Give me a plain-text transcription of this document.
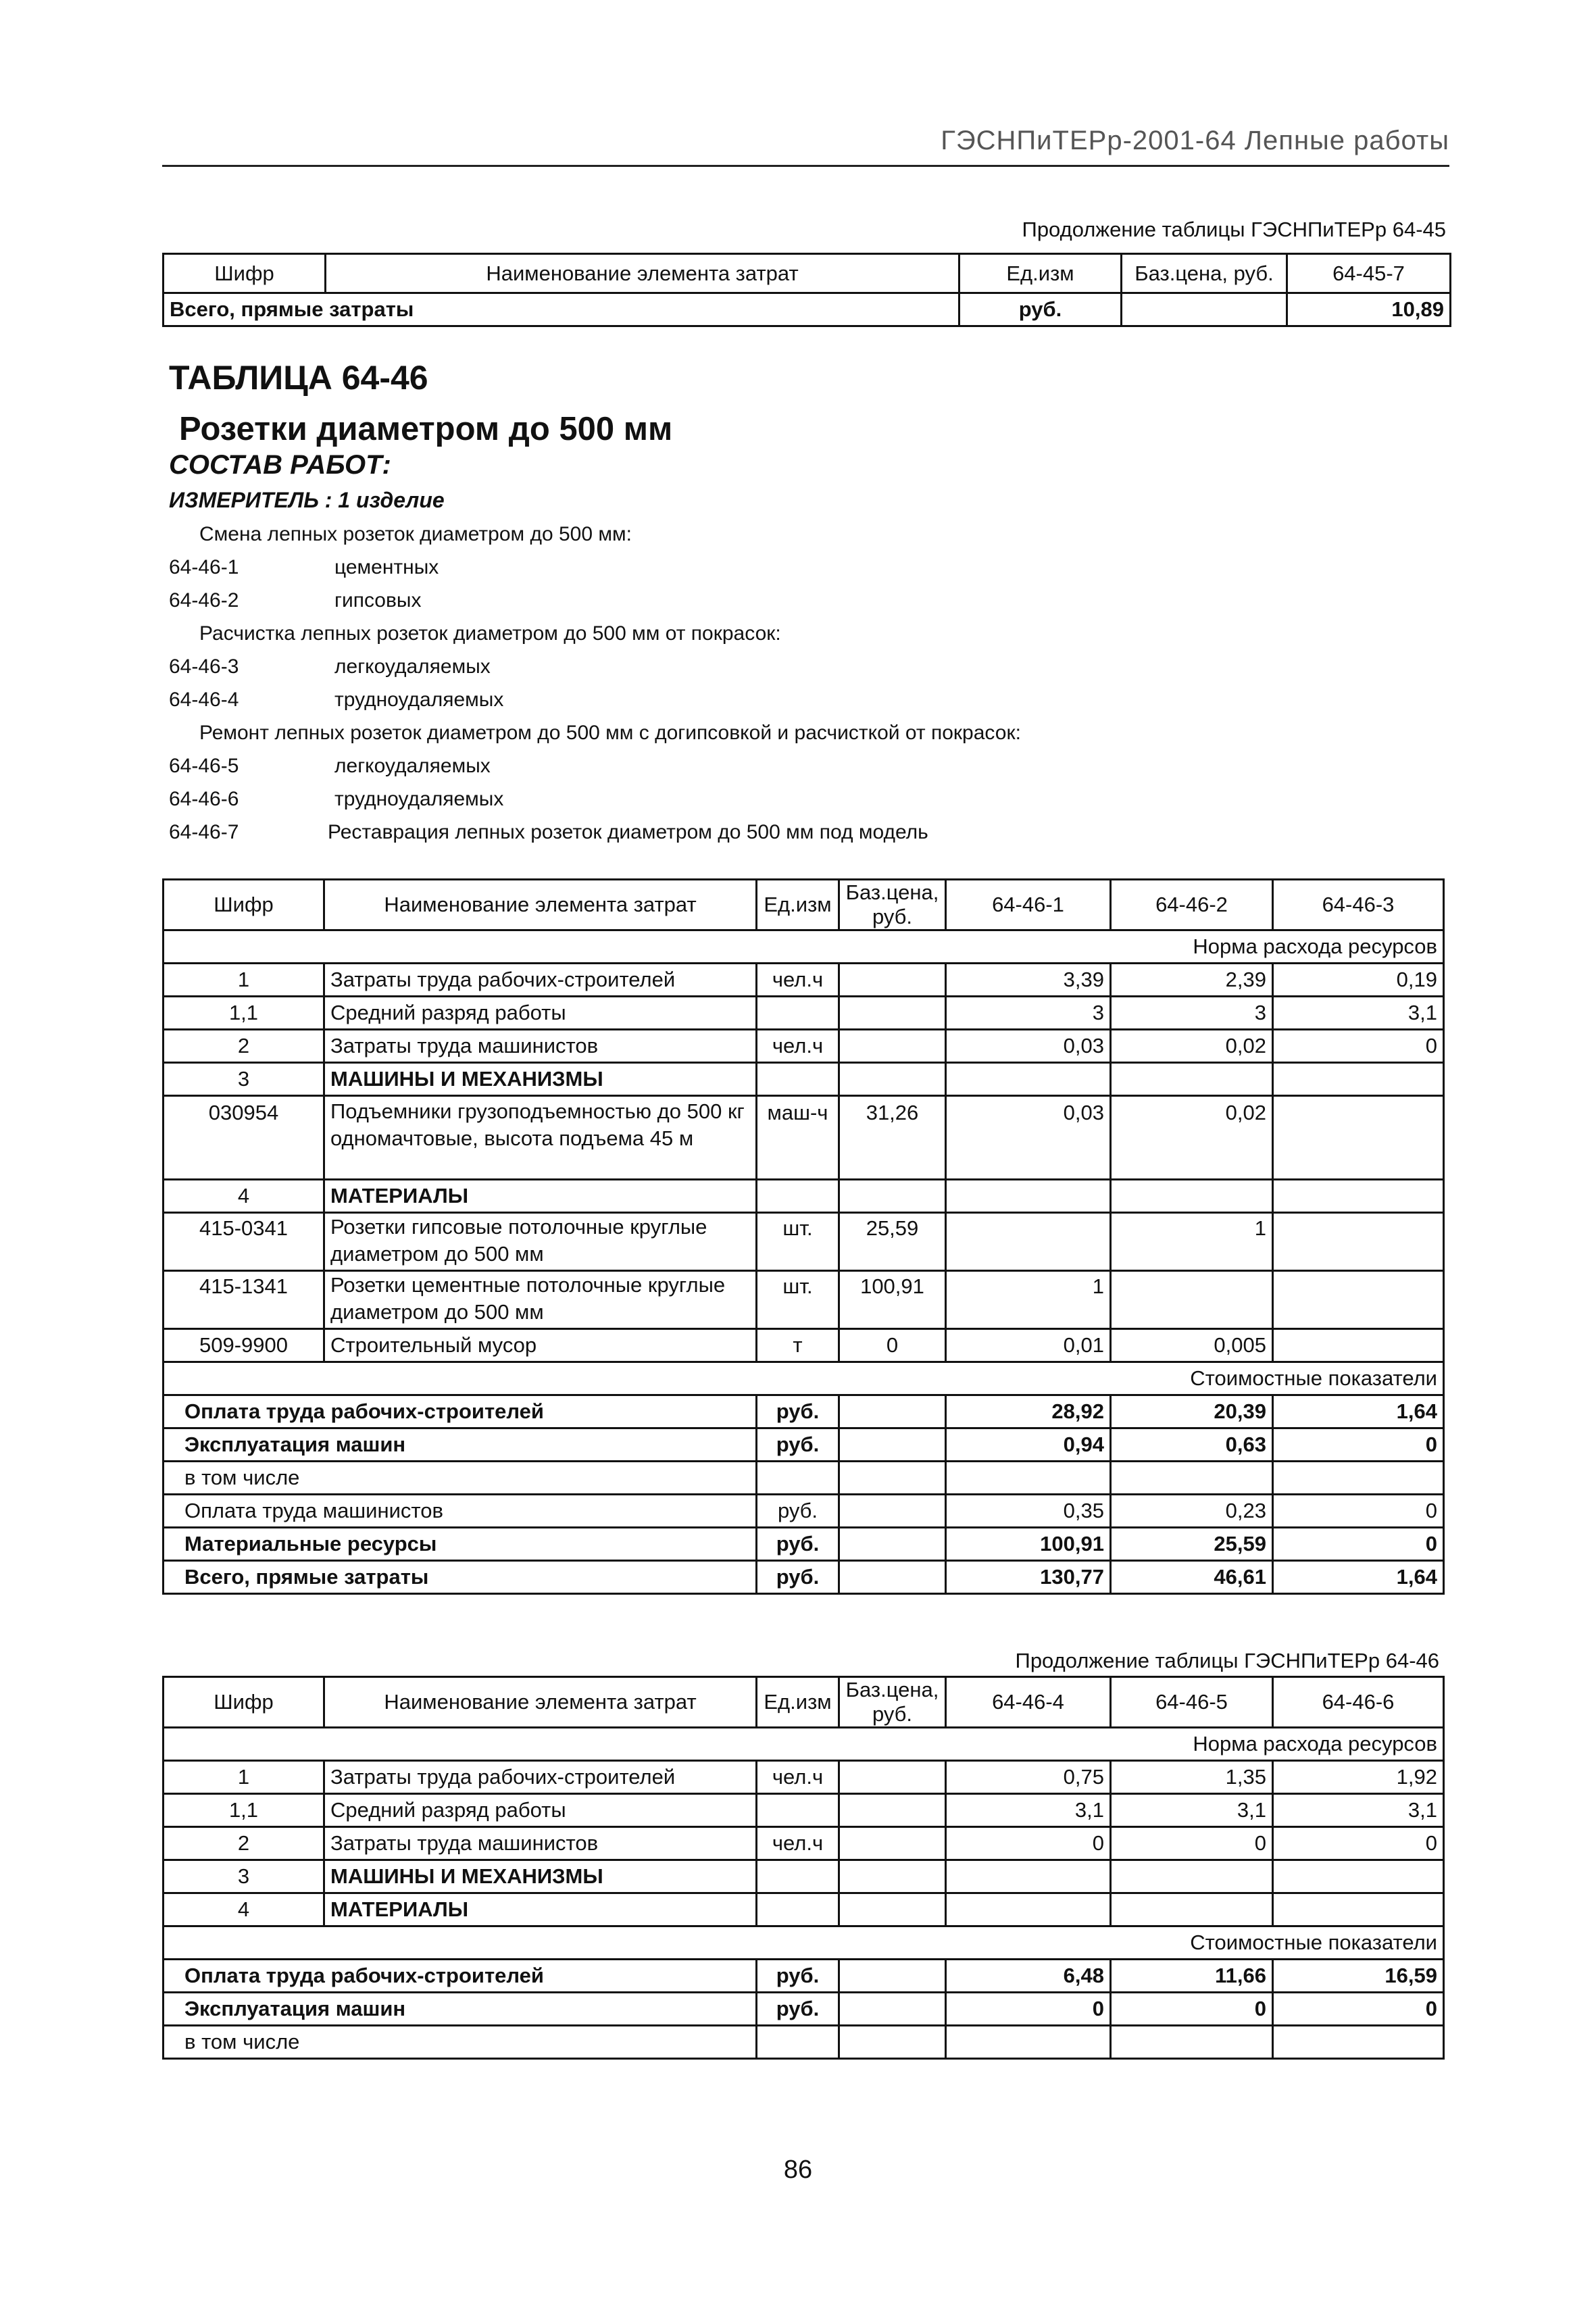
ГЭСНПиТЕРр-2001-64 Лепные работы
Продолжение таблицы ГЭСНПиТЕРр 64-45
Шифр	Наименование элемента затрат	Ед.изм	Баз.цена, руб.	64-45-7
Всего, прямые затраты		руб.		10,89
ТАБЛИЦА 64-46
Розетки диаметром до 500 мм
СОСТАВ РАБОТ:
ИЗМЕРИТЕЛЬ : 1 изделие
Смена лепных розеток диаметром до 500 мм:
64-46-1	цементных
64-46-2	гипсовых
Расчистка лепных розеток диаметром до 500 мм от покрасок:
64-46-3	легкоудаляемых
64-46-4	трудноудаляемых
Ремонт лепных розеток диаметром до 500 мм с догипсовкой и расчисткой от покрасок:
64-46-5	легкоудаляемых
64-46-6	трудноудаляемых
64-46-7	Реставрация лепных розеток диаметром до 500 мм под модель
Шифр	Наименование элемента затрат	Ед.изм	Баз.цена, руб.	64-46-1	64-46-2	64-46-3
Норма расхода ресурсов						
1	Затраты труда рабочих-строителей	чел.ч		3,39	2,39	0,19
1,1	Средний разряд работы			3	3	3,1
2	Затраты труда машинистов	чел.ч		0,03	0,02	0
3	МАШИНЫ И МЕХАНИЗМЫ					
030954	Подъемники грузоподъемностью до 500 кг одномачтовые, высота подъема 45 м	маш-ч	31,26	0,03	0,02	
4	МАТЕРИАЛЫ					
415-0341	Розетки гипсовые потолочные круглые диаметром до 500 мм	шт.	25,59		1	
415-1341	Розетки цементные потолочные круглые диаметром до 500 мм	шт.	100,91	1		
509-9900	Строительный мусор	т	0	0,01	0,005	
Стоимостные показатели						
Оплата труда рабочих-строителей		руб.		28,92	20,39	1,64
Эксплуатация машин		руб.		0,94	0,63	0
в том числе						
Оплата труда машинистов		руб.		0,35	0,23	0
Материальные ресурсы		руб.		100,91	25,59	0
Всего, прямые затраты		руб.		130,77	46,61	1,64
Продолжение таблицы ГЭСНПиТЕРр 64-46
Шифр	Наименование элемента затрат	Ед.изм	Баз.цена, руб.	64-46-4	64-46-5	64-46-6
Норма расхода ресурсов						
1	Затраты труда рабочих-строителей	чел.ч		0,75	1,35	1,92
1,1	Средний разряд работы			3,1	3,1	3,1
2	Затраты труда машинистов	чел.ч		0	0	0
3	МАШИНЫ И МЕХАНИЗМЫ					
4	МАТЕРИАЛЫ					
Стоимостные показатели						
Оплата труда рабочих-строителей		руб.		6,48	11,66	16,59
Эксплуатация машин		руб.		0	0	0
в том числе						
86
